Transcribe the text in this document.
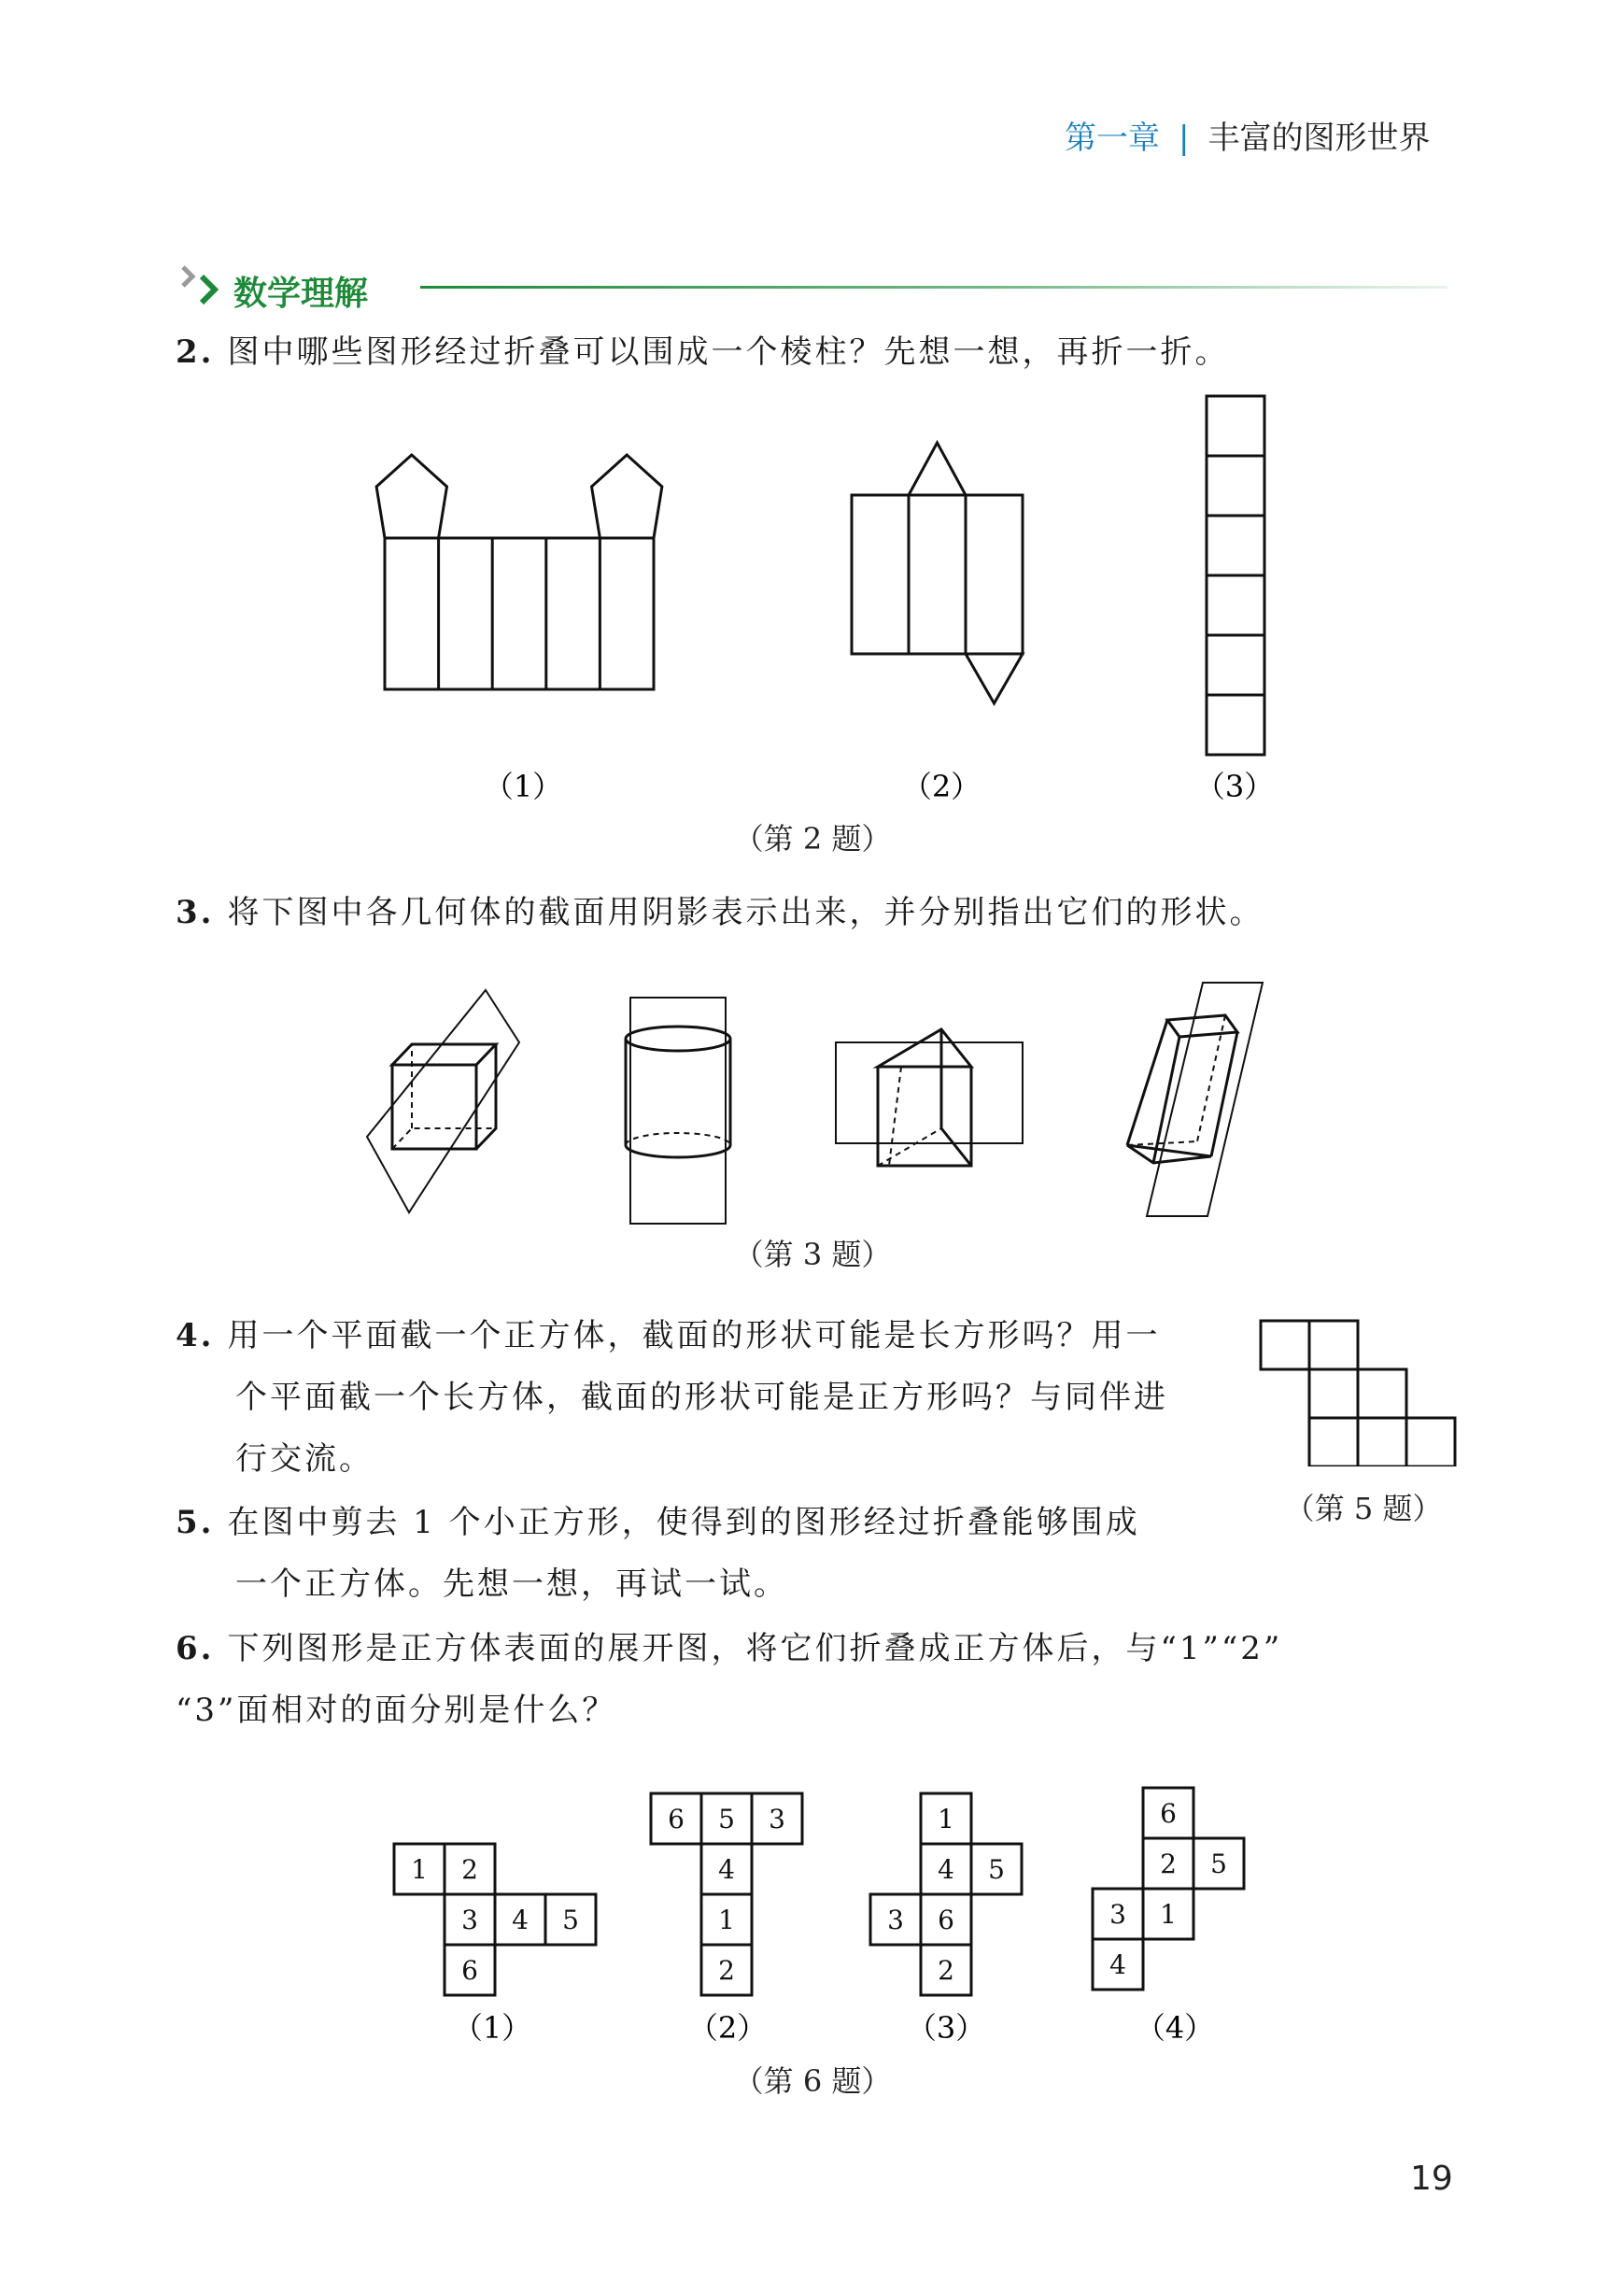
第一章 | 丰富的图形世界
数学理解
2. 图中哪些图形经过折叠可以围成一个棱柱？先想一想，再折一折。
（1）	（2）	（3）
（第 2 题）
3. 将下图中各几何体的截面用阴影表示出来，并分别指出它们的形状。
（第 3 题）
4. 用一个平面截一个正方体，截面的形状可能是长方形吗？用一
个平面截一个长方体，截面的形状可能是正方形吗？与同伴进
行交流。
5. 在图中剪去 1 个小正方形，使得到的图形经过折叠能够围成
一个正方体。先想一想，再试一试。
（第 5 题）
6. 下列图形是正方体表面的展开图，将它们折叠成正方体后，与“1”“2”
“3”面相对的面分别是什么？
1 2
3 4 5
6
6 5 3
4
1
2
1
4 5
3 6
2
6
2 5
3 1
4
（1）	（2）	（3）	（4）
（第 6 题）
19
